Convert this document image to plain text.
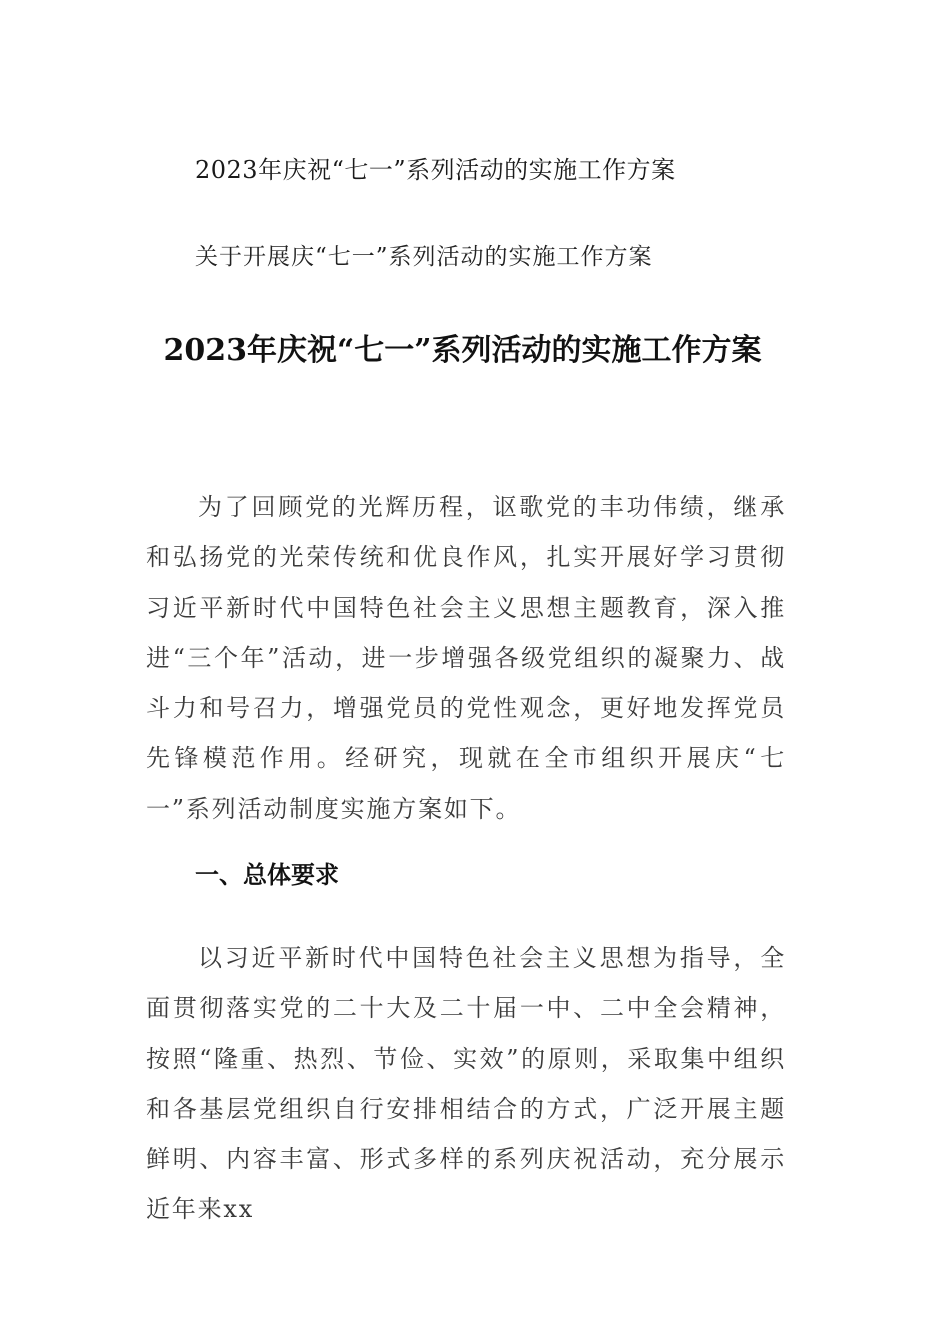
2023年庆祝“七一”系列活动的实施工作方案
关于开展庆“七一”系列活动的实施工作方案
2023年庆祝“七一”系列活动的实施工作方案
为了回顾党的光辉历程，讴歌党的丰功伟绩，继承和弘扬党的光荣传统和优良作风，扎实开展好学习贯彻习近平新时代中国特色社会主义思想主题教育，深入推进“三个年”活动，进一步增强各级党组织的凝聚力、战斗力和号召力，增强党员的党性观念，更好地发挥党员先锋模范作用。经研究，现就在全市组织开展庆“七一”系列活动制度实施方案如下。
一、总体要求
以习近平新时代中国特色社会主义思想为指导，全面贯彻落实党的二十大及二十届一中、二中全会精神，按照“隆重、热烈、节俭、实效”的原则，采取集中组织和各基层党组织自行安排相结合的方式，广泛开展主题鲜明、内容丰富、形式多样的系列庆祝活动，充分展示近年来xx
